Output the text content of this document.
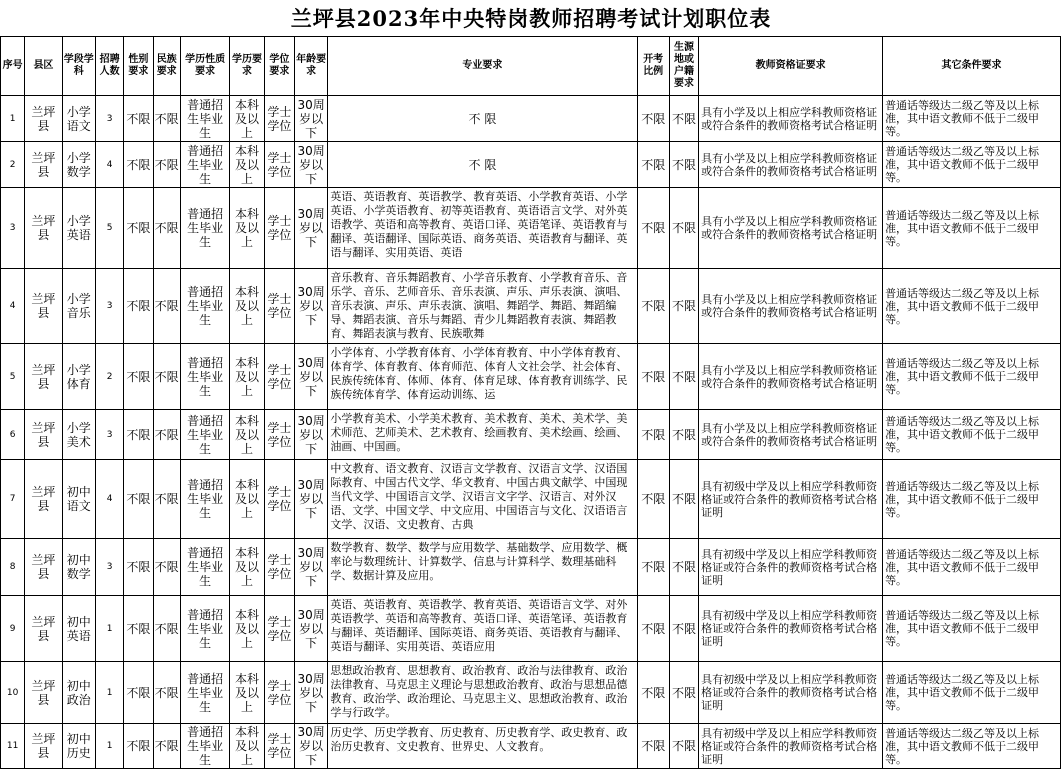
兰坪县2023年中央特岗教师招聘考试计划职位表
序号	县区	学段学科	招聘人数	性别要求	民族要求	学历性质要求	学历要求	学位要求	年龄要求	专业要求	开考比例	生源地或户籍要求	教师资格证要求	其它条件要求

1	兰坪县	小学语文	3	不限	不限	普通招生毕业生	本科及以上	学士学位	30周岁以下	不 限	不限	不限	具有小学及以上相应学科教师资格证或符合条件的教师资格考试合格证明	普通话等级达二级乙等及以上标准，其中语文教师不低于二级甲等。

2	兰坪县	小学数学	4	不限	不限	普通招生毕业生	本科及以上	学士学位	30周岁以下	不 限	不限	不限	具有小学及以上相应学科教师资格证或符合条件的教师资格考试合格证明	普通话等级达二级乙等及以上标准，其中语文教师不低于二级甲等。

3	兰坪县	小学英语	5	不限	不限	普通招生毕业生	本科及以上	学士学位	30周岁以下	英语、英语教育、英语教学、教育英语、小学教育英语、小学英语、小学英语教育、初等英语教育、英语语言文学、对外英语教学、英语和高等教育、英语口译、英语笔译、英语教育与翻译、英语翻译、国际英语、商务英语、英语教育与翻译、英语与翻译、实用英语、英语	不限	不限	具有小学及以上相应学科教师资格证或符合条件的教师资格考试合格证明	普通话等级达二级乙等及以上标准，其中语文教师不低于二级甲等。

4	兰坪县	小学音乐	3	不限	不限	普通招生毕业生	本科及以上	学士学位	30周岁以下	音乐教育、音乐舞蹈教育、小学音乐教育、小学教育音乐、音乐学、音乐、艺师音乐、音乐表演、声乐、声乐表演、演唱、音乐表演、声乐、声乐表演、演唱、舞蹈学、舞蹈、舞蹈编导、舞蹈表演、音乐与舞蹈、青少儿舞蹈教育表演、舞蹈教育、舞蹈表演与教育、民族歌舞	不限	不限	具有小学及以上相应学科教师资格证或符合条件的教师资格考试合格证明	普通话等级达二级乙等及以上标准，其中语文教师不低于二级甲等。

5	兰坪县	小学体育	2	不限	不限	普通招生毕业生	本科及以上	学士学位	30周岁以下	小学体育、小学教育体育、小学体育教育、中小学体育教育、体育学、体育教育、体育师范、体育人文社会学、社会体育、民族传统体育、体师、体育、体育足球、体育教育训练学、民族传统体育学、体育运动训练、运	不限	不限	具有小学及以上相应学科教师资格证或符合条件的教师资格考试合格证明	普通话等级达二级乙等及以上标准，其中语文教师不低于二级甲等。

6	兰坪县	小学美术	3	不限	不限	普通招生毕业生	本科及以上	学士学位	30周岁以下	小学教育美术、小学美术教育、美术教育、美术、美术学、美术师范、艺师美术、艺术教育、绘画教育、美术绘画、绘画、油画、中国画。	不限	不限	具有小学及以上相应学科教师资格证或符合条件的教师资格考试合格证明	普通话等级达二级乙等及以上标准，其中语文教师不低于二级甲等。

7	兰坪县	初中语文	4	不限	不限	普通招生毕业生	本科及以上	学士学位	30周岁以下	中文教育、语文教育、汉语言文学教育、汉语言文学、汉语国际教育、中国古代文学、华文教育、中国古典文献学、中国现当代文学、中国语言文学、汉语言文字学、汉语言、对外汉语、文学、中国文学、中文应用、中国语言与文化、汉语语言文学、汉语、文史教育、古典	不限	不限	具有初级中学及以上相应学科教师资格证或符合条件的教师资格考试合格证明	普通话等级达二级乙等及以上标准，其中语文教师不低于二级甲等。

8	兰坪县	初中数学	3	不限	不限	普通招生毕业生	本科及以上	学士学位	30周岁以下	数学教育、数学、数学与应用数学、基础数学、应用数学、概率论与数理统计、计算数学、信息与计算科学、数理基础科学、数据计算及应用。	不限	不限	具有初级中学及以上相应学科教师资格证或符合条件的教师资格考试合格证明	普通话等级达二级乙等及以上标准，其中语文教师不低于二级甲等。

9	兰坪县	初中英语	1	不限	不限	普通招生毕业生	本科及以上	学士学位	30周岁以下	英语、英语教育、英语教学、教育英语、英语语言文学、对外英语教学、英语和高等教育、英语口译、英语笔译、英语教育与翻译、英语翻译、国际英语、商务英语、英语教育与翻译、英语与翻译、实用英语、英语应用	不限	不限	具有初级中学及以上相应学科教师资格证或符合条件的教师资格考试合格证明	普通话等级达二级乙等及以上标准，其中语文教师不低于二级甲等。

10	兰坪县	初中政治	1	不限	不限	普通招生毕业生	本科及以上	学士学位	30周岁以下	思想政治教育、思想教育、政治教育、政治与法律教育、政治法律教育、马克思主义理论与思想政治教育、政治与思想品德教育、政治学、政治理论、马克思主义、思想政治教育、政治学与行政学。	不限	不限	具有初级中学及以上相应学科教师资格证或符合条件的教师资格考试合格证明	普通话等级达二级乙等及以上标准，其中语文教师不低于二级甲等。

11	兰坪县	初中历史	1	不限	不限	普通招生毕业生	本科及以上	学士学位	30周岁以下	历史学、历史学教育、历史教育、历史教育学、政史教育、政治历史教育、文史教育、世界史、人文教育。	不限	不限	具有初级中学及以上相应学科教师资格证或符合条件的教师资格考试合格证明	普通话等级达二级乙等及以上标准，其中语文教师不低于二级甲等。
